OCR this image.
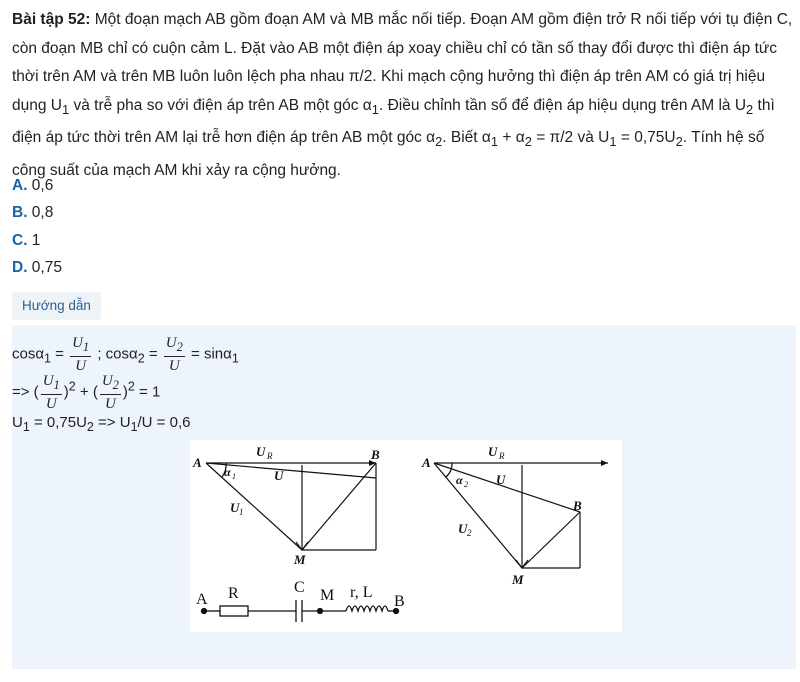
Bài tập 52: Một đoạn mạch AB gồm đoạn AM và MB mắc nối tiếp. Đoạn AM gồm điện trở R nối tiếp với tụ điện C, còn đoạn MB chỉ có cuộn cảm L. Đặt vào AB một điện áp xoay chiều chỉ có tần số thay đổi được thì điện áp tức thời trên AM và trên MB luôn luôn lệch pha nhau π/2. Khi mạch cộng hưởng thì điện áp trên AM có giá trị hiệu dụng $U_1$ và trễ pha so với điện áp trên AB một góc $\alpha_1$. Điều chỉnh tần số để điện áp hiệu dụng trên AM là $U_2$ thì điện áp tức thời trên AM lại trễ hơn điện áp trên AB một góc $\alpha_2$. Biết $\alpha_1 + \alpha_2 = \pi/2$ và $U_1 = 0,75U_2$. Tính hệ số công suất của mạch AM khi xảy ra cộng hưởng.

A. 0,6
B. 0,8
C. 1
D. 0,75
Hướng dẫn
$\cos\alpha_1 = \frac{U_1}{U}$ ; $\cos\alpha_2 = \frac{U_2}{U} = \sin\alpha_1$
=> ( $\frac{U_1}{U} )^2$ + ( $\frac{U_2}{U} )^2 = 1$
$U_1 = 0,75U_2 => U_1/U = 0,6$
A
B
M
U R
U
U 1
α 1
A
B
M
U R
U
U 2
α 2
A R	C M r, L
B
